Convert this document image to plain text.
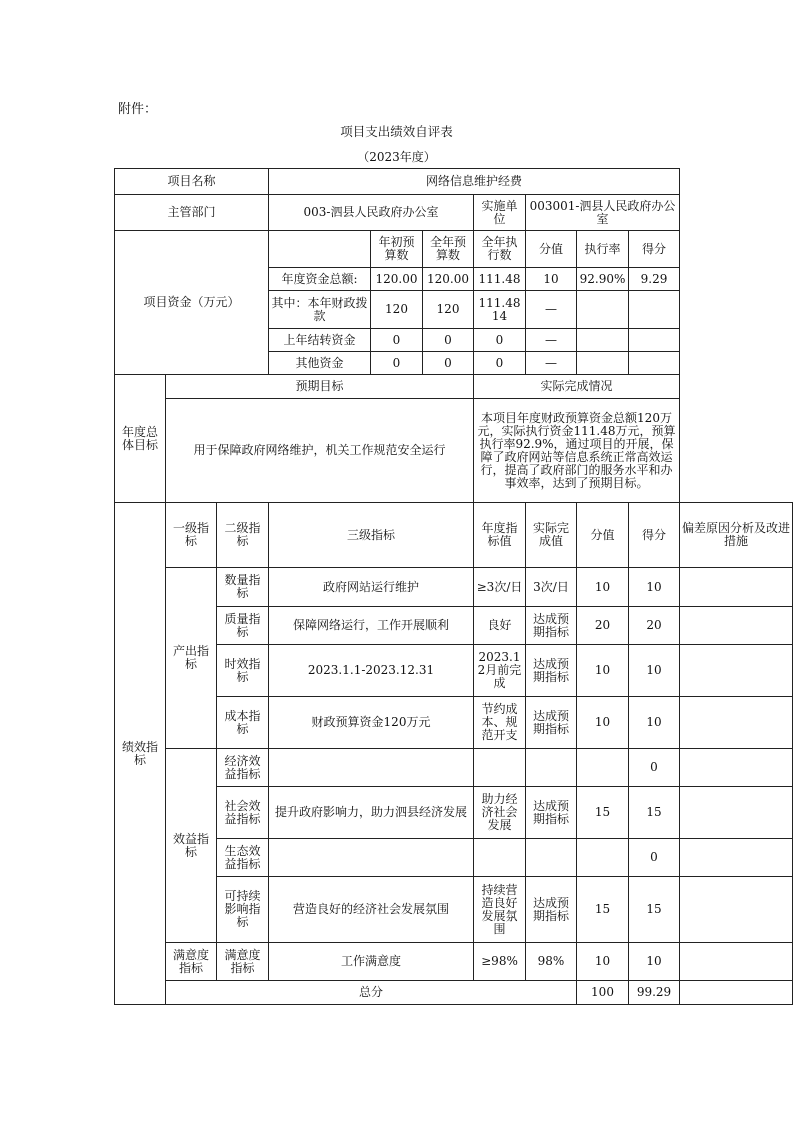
附件：
项目支出绩效自评表
（2023年度）
项目名称			网络信息维护经费							
主管部门			003-泗县人民政府办公室			实施单位	003001-泗县人民政府办公室			
项目资金（万元）				年初预算数	全年预算数	全年执行数	分值	执行率	得分	
			年度资金总额:	120.00	120.00	111.48	10	92.90%	9.29	
			其中：本年财政拨款	120	120	111.4814	—			
			上年结转资金	0	0	0	—			
			其他资金	0	0	0	—			
年度总体目标	预期目标					实际完成情况				
	用于保障政府网络维护，机关工作规范安全运行					本项目年度财政预算资金总额120万元，实际执行资金111.48万元，预算执行率92.9%，通过项目的开展，保障了政府网站等信息系统正常高效运行，提高了政府部门的服务水平和办事效率，达到了预期目标。				
绩效指标	一级指标	二级指标	三级指标			年度指标值	实际完成值	分值	得分	偏差原因分析及改进措施
	产出指标	数量指标	政府网站运行维护			≥3次/日	3次/日	10	10	
		质量指标	保障网络运行，工作开展顺利			良好	达成预期指标	20	20	
		时效指标	2023.1.1-2023.12.31			2023.12月前完成	达成预期指标	10	10	
		成本指标	财政预算资金120万元			节约成本、规范开支	达成预期指标	10	10	
	效益指标	经济效益指标							0	
		社会效益指标	提升政府影响力，助力泗县经济发展			助力经济社会发展	达成预期指标	15	15	
		生态效益指标							0	
		可持续影响指标	营造良好的经济社会发展氛围			持续营造良好发展氛围	达成预期指标	15	15	
	满意度指标	满意度指标	工作满意度			≥98%	98%	10	10	
	总分							100	99.29	
